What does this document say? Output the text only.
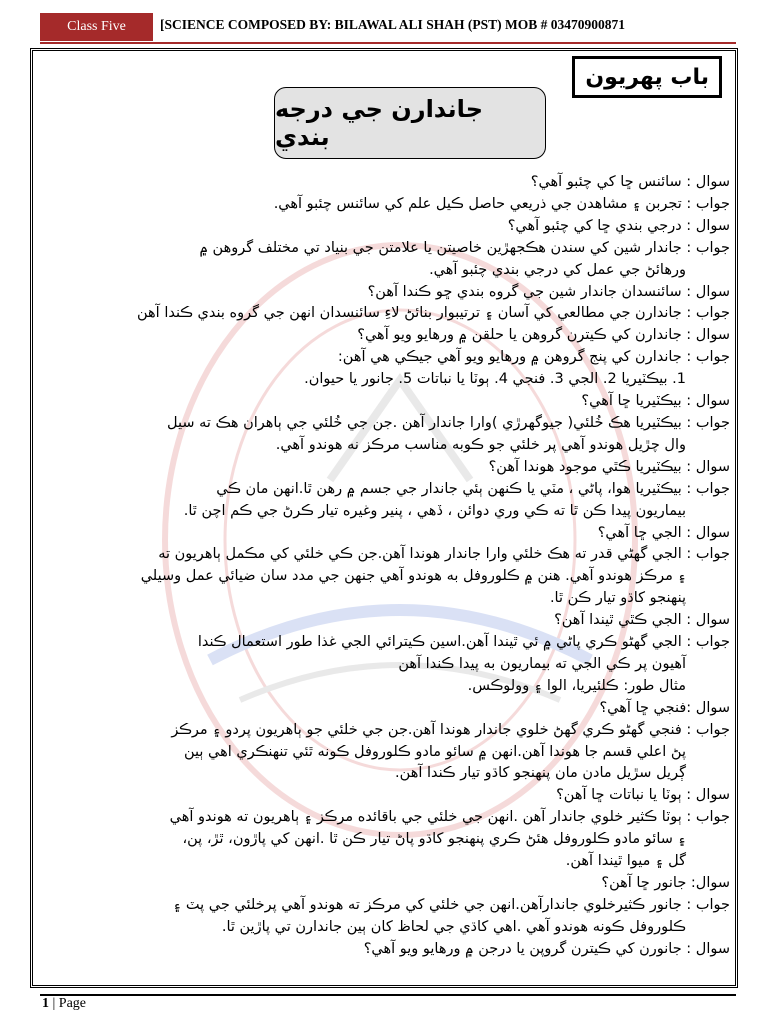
Class Five	[SCIENCE COMPOSED BY: BILAWAL ALI SHAH (PST) MOB # 03470900871
باب پهريون
جاندارن جي درجه بندي
سوال : سائنس ڇا کي چئبو آهي؟
جواب : تجربن ۽ مشاهدن جي ذريعي حاصل ڪيل علم کي سائنس چئبو آهي.
سوال : درجي بندي ڇا کي چئبو آهي؟
جواب : جاندار شين کي سندن هڪجهڙين خاصيتن يا علامتن جي بنياد تي مختلف گروهن ۾
ورهائڻ جي عمل کي درجي بندي چئبو آهي.
سوال : سائنسدان جاندار شين جي گروه بندي ڇو ڪندا آهن؟
جواب : جاندارن جي مطالعي کي آسان ۽ ترتيبوار بنائڻ لاءِ سائنسدان انهن جي گروه بندي ڪندا آهن
سوال : جاندارن کي ڪيترن گروهن يا حلقن ۾ ورهايو ويو آهي؟
جواب : جاندارن کي پنج گروهن ۾ ورهايو ويو آهي جيڪي هي آهن:
1. بيڪٽيريا 2. الجي 3. فنجي 4. ٻوٽا يا نباتات 5. جانور يا حيوان.
سوال : بيڪٽيريا ڇا آهي؟
جواب : بيڪٽيريا هڪ خُلئي( جيوگهرڙي )وارا جاندار آهن .جن جي خُلئي جي ٻاهران هڪ ته سيل
وال چڙيل هوندو آهي پر خلئي جو ڪوبه مناسب مرڪز نه هوندو آهي.
سوال : بيڪٽيريا ڪٿي موجود هوندا آهن؟
جواب : بيڪٽيريا هوا، پاڻي ، مٽي يا ڪنهن ٻئي جاندار جي جسم ۾ رهن ٿا.انهن مان ڪي
بيماريون پيدا ڪن ٿا ته ڪي وري دوائن ، ڏهي ، پنير وغيره تيار ڪرڻ جي ڪم اچن ٿا.
سوال : الجي ڇا آهي؟
جواب : الجي گهڻي قدر ته هڪ خلئي وارا جاندار هوندا آهن.جن ڪي خلئي کي مڪمل ٻاهريون ته
۽ مرڪز هوندو آهي. هنن ۾ ڪلوروفل به هوندو آهي جنهن جي مدد سان ضيائي عمل وسيلي
پنهنجو کاڌو تيار ڪن ٿا.
سوال : الجي ڪٿي ٿيندا آهن؟
جواب : الجي گهڻو ڪري پاڻي ۾ ئي ٿيندا آهن.اسين ڪيترائي الجي غذا طور استعمال ڪندا
آهيون پر ڪي الجي ته بيماريون به پيدا ڪندا آهن
مثال طور: ڪلئيريا، الوا ۽ وولوڪس.
سوال :فنجي ڇا آهي؟
جواب : فنجي گهڻو ڪري گهڻ خلوي جاندار هوندا آهن.جن جي خلئي جو ٻاهريون پردو ۽ مرڪز
پڻ اعلي قسم جا هوندا آهن.انهن ۾ سائو مادو ڪلوروفل ڪونه ٿئي تنهنڪري اهي ٻين
ڳريل سڙيل مادن مان پنهنجو کاڌو تيار ڪندا آهن.
سوال : ٻوٽا يا نباتات ڇا آهن؟
جواب : ٻوٽا ڪثير خلوي جاندار آهن .انهن جي خلئي جي باقائده مرڪز ۽ ٻاهريون ته هوندو آهي
۽ سائو مادو ڪلوروفل هئڻ ڪري پنهنجو کاڌو پاڻ تيار ڪن ٿا .انهن کي پاڙون، ٿڙ، پن،
گل ۽ ميوا ٿيندا آهن.
سوال: جانور ڇا آهن؟
جواب : جانور ڪثيرخلوي جاندارآهن.انهن جي خلئي کي مرڪز ته هوندو آهي پرخلئي جي پٽ ۽
ڪلوروفل ڪونه هوندو آهي .اهي کاڌي جي لحاظ کان ٻين جاندارن تي پاڙين ٿا.
سوال : جانورن کي ڪيترن گروپن يا درجن ۾ ورهايو ويو آهي؟
1 | Page
